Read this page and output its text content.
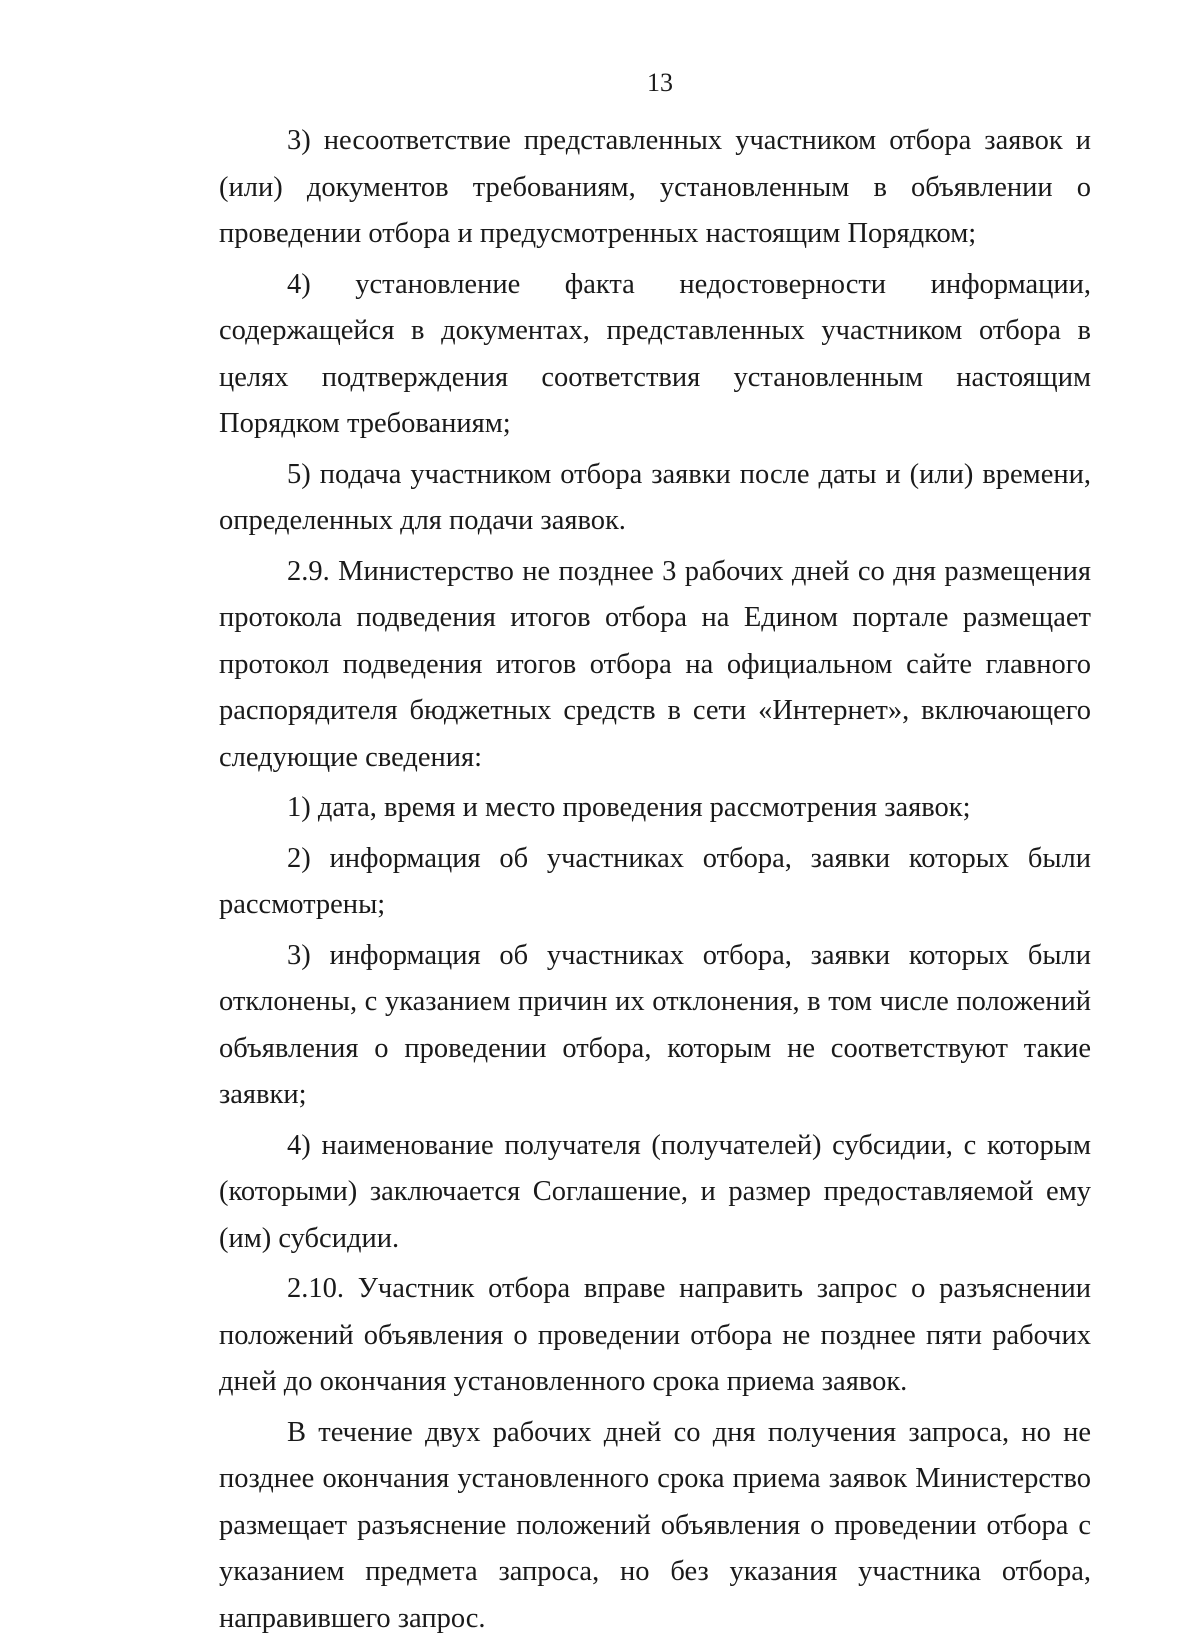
13

3) несоответствие представленных участником отбора заявок и (или) документов требованиям, установленным в объявлении о проведении отбора и предусмотренных настоящим Порядком;

4) установление факта недостоверности информации, содержащейся в документах, представленных участником отбора в целях подтверждения соответствия установленным настоящим Порядком требованиям;

5) подача участником отбора заявки после даты и (или) времени, определенных для подачи заявок.

2.9. Министерство не позднее 3 рабочих дней со дня размещения протокола подведения итогов отбора на Едином портале размещает протокол подведения итогов отбора на официальном сайте главного распорядителя бюджетных средств в сети «Интернет», включающего следующие сведения:

1) дата, время и место проведения рассмотрения заявок;

2) информация об участниках отбора, заявки которых были рассмотрены;

3) информация об участниках отбора, заявки которых были отклонены, с указанием причин их отклонения, в том числе положений объявления о проведении отбора, которым не соответствуют такие заявки;

4) наименование получателя (получателей) субсидии, с которым (которыми) заключается Соглашение, и размер предоставляемой ему (им) субсидии.

2.10. Участник отбора вправе направить запрос о разъяснении положений объявления о проведении отбора не позднее пяти рабочих дней до окончания установленного срока приема заявок.

В течение двух рабочих дней со дня получения запроса, но не позднее окончания установленного срока приема заявок Министерство размещает разъяснение положений объявления о проведении отбора с указанием предмета запроса, но без указания участника отбора, направившего запрос.
